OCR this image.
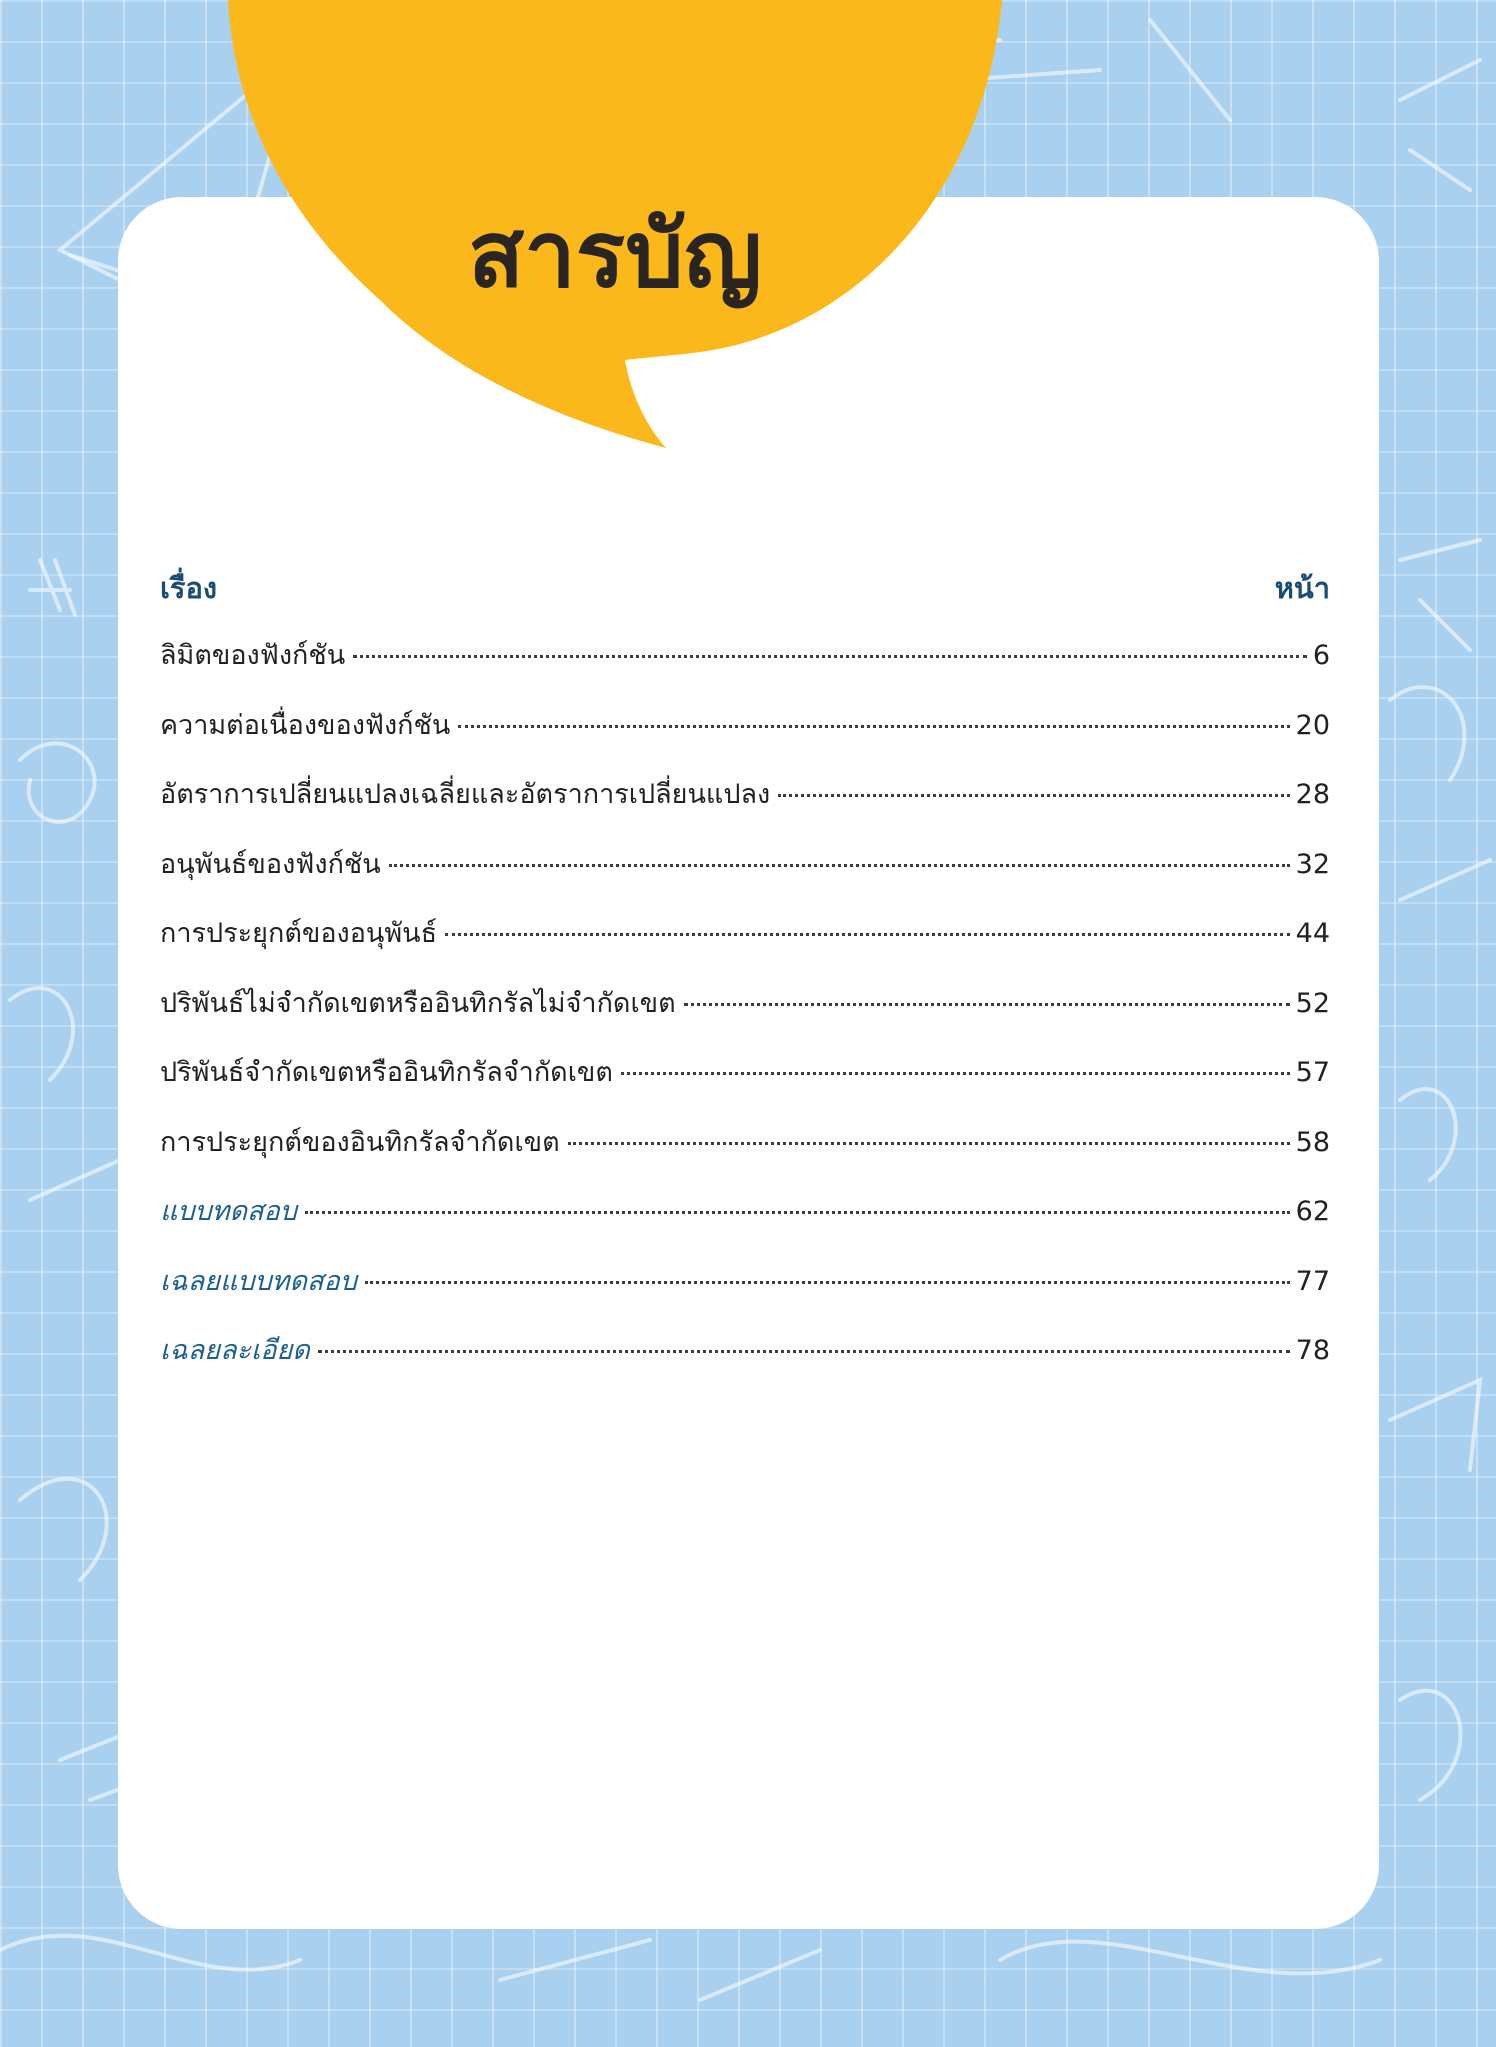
สารบัญ
เรื่อง	หน้า
ลิมิตของฟังก์ชัน	6
ความต่อเนื่องของฟังก์ชัน	20
อัตราการเปลี่ยนแปลงเฉลี่ยและอัตราการเปลี่ยนแปลง	28
อนุพันธ์ของฟังก์ชัน	32
การประยุกต์ของอนุพันธ์	44
ปริพันธ์ไม่จำกัดเขตหรืออินทิกรัลไม่จำกัดเขต	52
ปริพันธ์จำกัดเขตหรืออินทิกรัลจำกัดเขต	57
การประยุกต์ของอินทิกรัลจำกัดเขต	58
แบบทดสอบ	62
เฉลยแบบทดสอบ	77
เฉลยละเอียด	78
